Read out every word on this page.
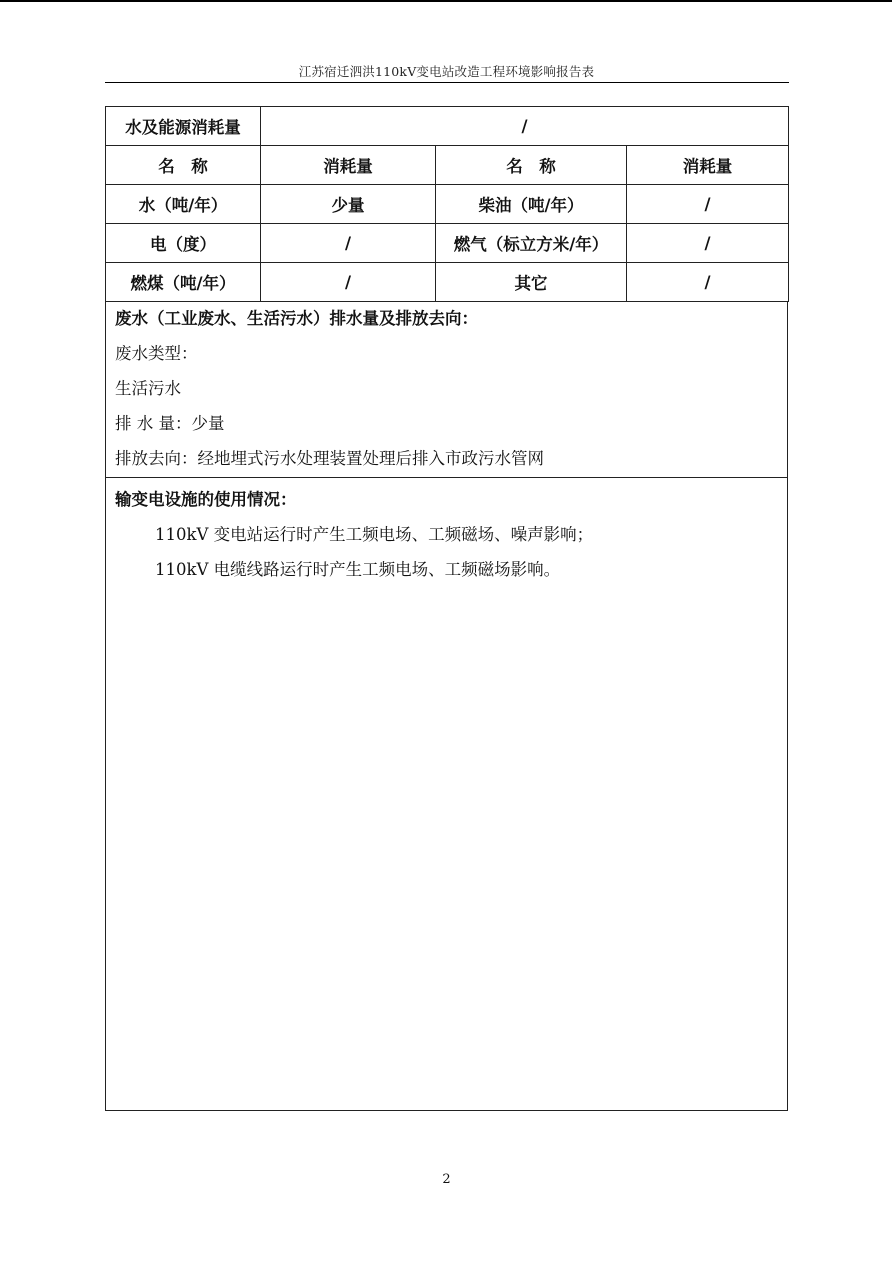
江苏宿迁泗洪110kV变电站改造工程环境影响报告表
水及能源消耗量	/		
名　称	消耗量	名　称	消耗量
水（吨/年）	少量	柴油（吨/年）	/
电（度）	/	燃气（标立方米/年）	/
燃煤（吨/年）	/	其它	/
废水（工业废水、生活污水）排水量及排放去向：
废水类型：
生活污水
排 水 量：少量
排放去向：经地埋式污水处理装置处理后排入市政污水管网
输变电设施的使用情况：
110kV 变电站运行时产生工频电场、工频磁场、噪声影响；
110kV 电缆线路运行时产生工频电场、工频磁场影响。
2
